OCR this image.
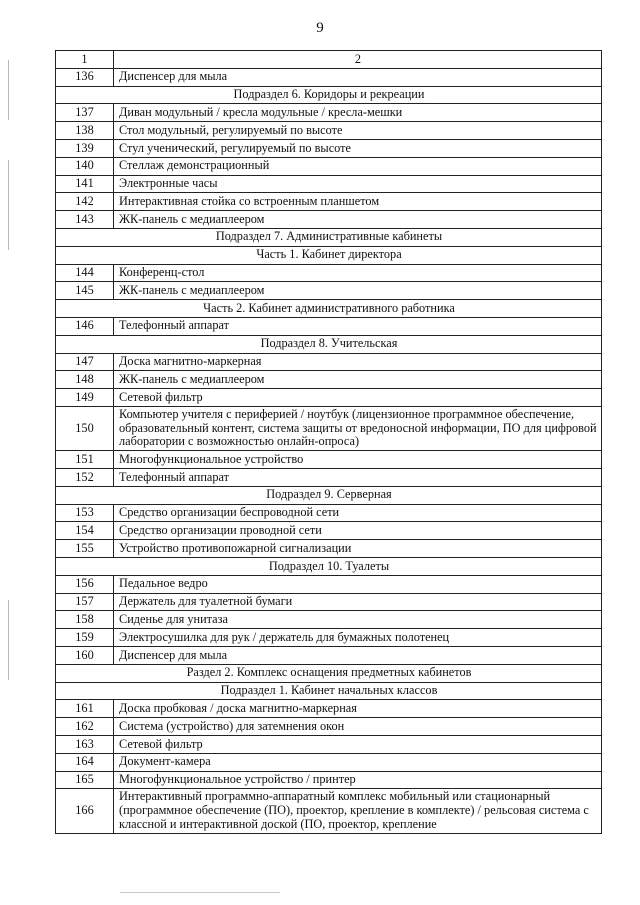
9
1	2
136	Диспенсер для мыла
Подраздел 6. Коридоры и рекреации	
137	Диван модульный / кресла модульные / кресла-мешки
138	Стол модульный, регулируемый по высоте
139	Стул ученический, регулируемый по высоте
140	Стеллаж демонстрационный
141	Электронные часы
142	Интерактивная стойка со встроенным планшетом
143	ЖК-панель с медиаплеером
Подраздел 7. Административные кабинеты	
Часть 1. Кабинет директора	
144	Конференц-стол
145	ЖК-панель с медиаплеером
Часть 2. Кабинет административного работника	
146	Телефонный аппарат
Подраздел 8. Учительская	
147	Доска магнитно-маркерная
148	ЖК-панель с медиаплеером
149	Сетевой фильтр
150	Компьютер учителя с периферией / ноутбук (лицензионное программное обеспечение, образовательный контент, система защиты от вредоносной информации, ПО для цифровой лаборатории с возможностью онлайн-опроса)
151	Многофункциональное устройство
152	Телефонный аппарат
Подраздел 9. Серверная	
153	Средство организации беспроводной сети
154	Средство организации проводной сети
155	Устройство противопожарной сигнализации
Подраздел 10. Туалеты	
156	Педальное ведро
157	Держатель для туалетной бумаги
158	Сиденье для унитаза
159	Электросушилка для рук / держатель для бумажных полотенец
160	Диспенсер для мыла
Раздел 2. Комплекс оснащения предметных кабинетов	
Подраздел 1. Кабинет начальных классов	
161	Доска пробковая / доска магнитно-маркерная
162	Система (устройство) для затемнения окон
163	Сетевой фильтр
164	Документ-камера
165	Многофункциональное устройство / принтер
166	Интерактивный программно-аппаратный комплекс мобильный или стационарный (программное обеспечение (ПО), проектор, крепление в комплекте) / рельсовая система с классной и интерактивной доской (ПО, проектор, крепление
